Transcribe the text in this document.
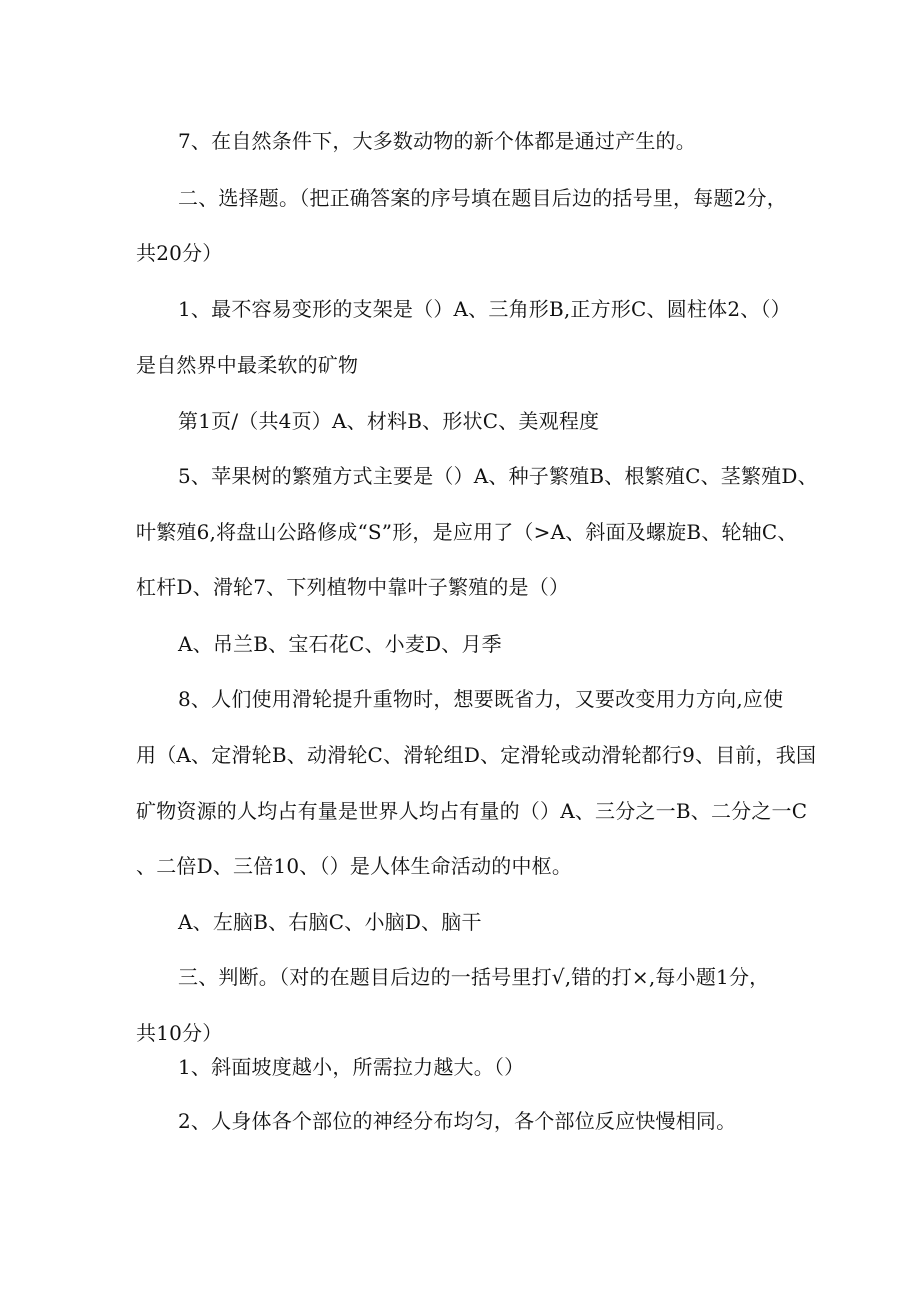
7、在自然条件下，大多数动物的新个体都是通过产生的。
二、选择题。（把正确答案的序号填在题目后边的括号里，每题2分，
共20分）
1、最不容易变形的支架是（）A、三角形B,正方形C、圆柱体2、（）
是自然界中最柔软的矿物
第1页/（共4页）A、材料B、形状C、美观程度
5、苹果树的繁殖方式主要是（）A、种子繁殖B、根繁殖C、茎繁殖D、
叶繁殖6,将盘山公路修成“S”形，是应用了（>A、斜面及螺旋B、轮轴C、
杠杆D、滑轮7、下列植物中靠叶子繁殖的是（）
A、吊兰B、宝石花C、小麦D、月季
8、人们使用滑轮提升重物时，想要既省力，又要改变用力方向,应使
用（A、定滑轮B、动滑轮C、滑轮组D、定滑轮或动滑轮都行9、目前，我国
矿物资源的人均占有量是世界人均占有量的（）A、三分之一B、二分之一C
、二倍D、三倍10、（）是人体生命活动的中枢。
A、左脑B、右脑C、小脑D、脑干
三、判断。（对的在题目后边的一括号里打√,错的打×,每小题1分，
共10分）
1、斜面坡度越小，所需拉力越大。（）
2、人身体各个部位的神经分布均匀，各个部位反应快慢相同。
